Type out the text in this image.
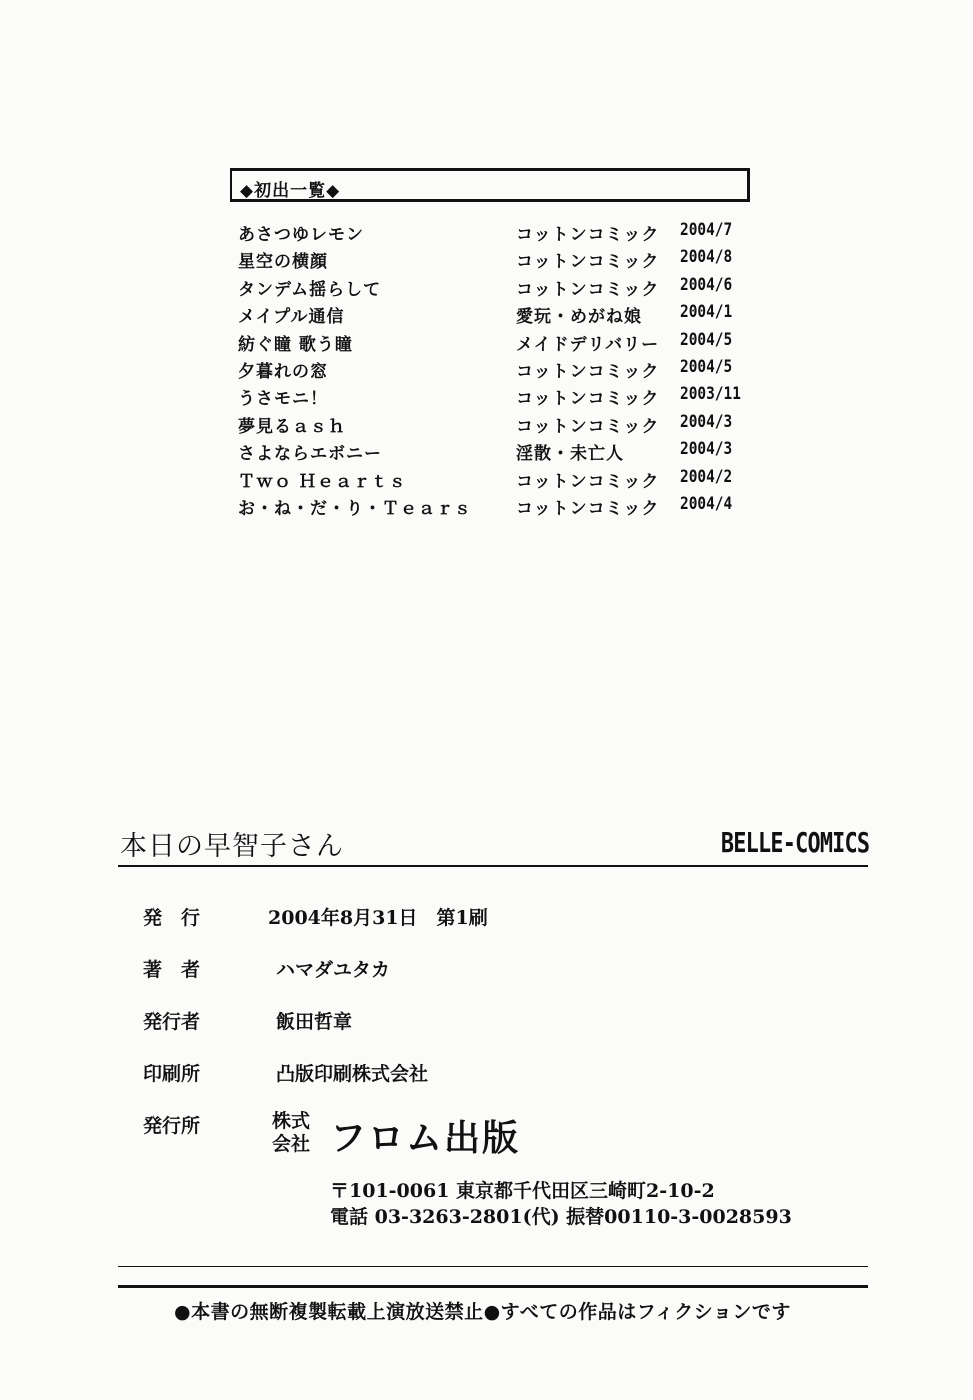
◆初出一覧◆
あさつゆレモン	コットンコミック 2004/7
星空の横顔	コットンコミック 2004/8
タンデム揺らして	コットンコミック 2004/6
メイプル通信	愛玩・めがね娘 2004/1
紡ぐ瞳 歌う瞳	メイドデリバリー 2004/5
夕暮れの窓	コットンコミック 2004/5
うさモニ！	コットンコミック 2003/11
夢見るａｓｈ	コットンコミック 2004/3
さよならエボニー	淫散・未亡人	2004/3
Ｔｗｏ Ｈｅａｒｔｓ	コットンコミック 2004/2
お・ね・だ・り・Ｔｅａｒｓ	コットンコミック 2004/4
本日の早智子さん	BELLE-COMICS
発　行	2004年8月31日　第1刷
著　者	ハマダユタカ
発行者	飯田哲章
印刷所	凸版印刷株式会社
発行所	株式
会社 フロム出版
〒101-0061 東京都千代田区三崎町2-10-2
電話 03-3263-2801(代) 振替00110-3-0028593
●本書の無断複製転載上演放送禁止●すべての作品はフィクションです
